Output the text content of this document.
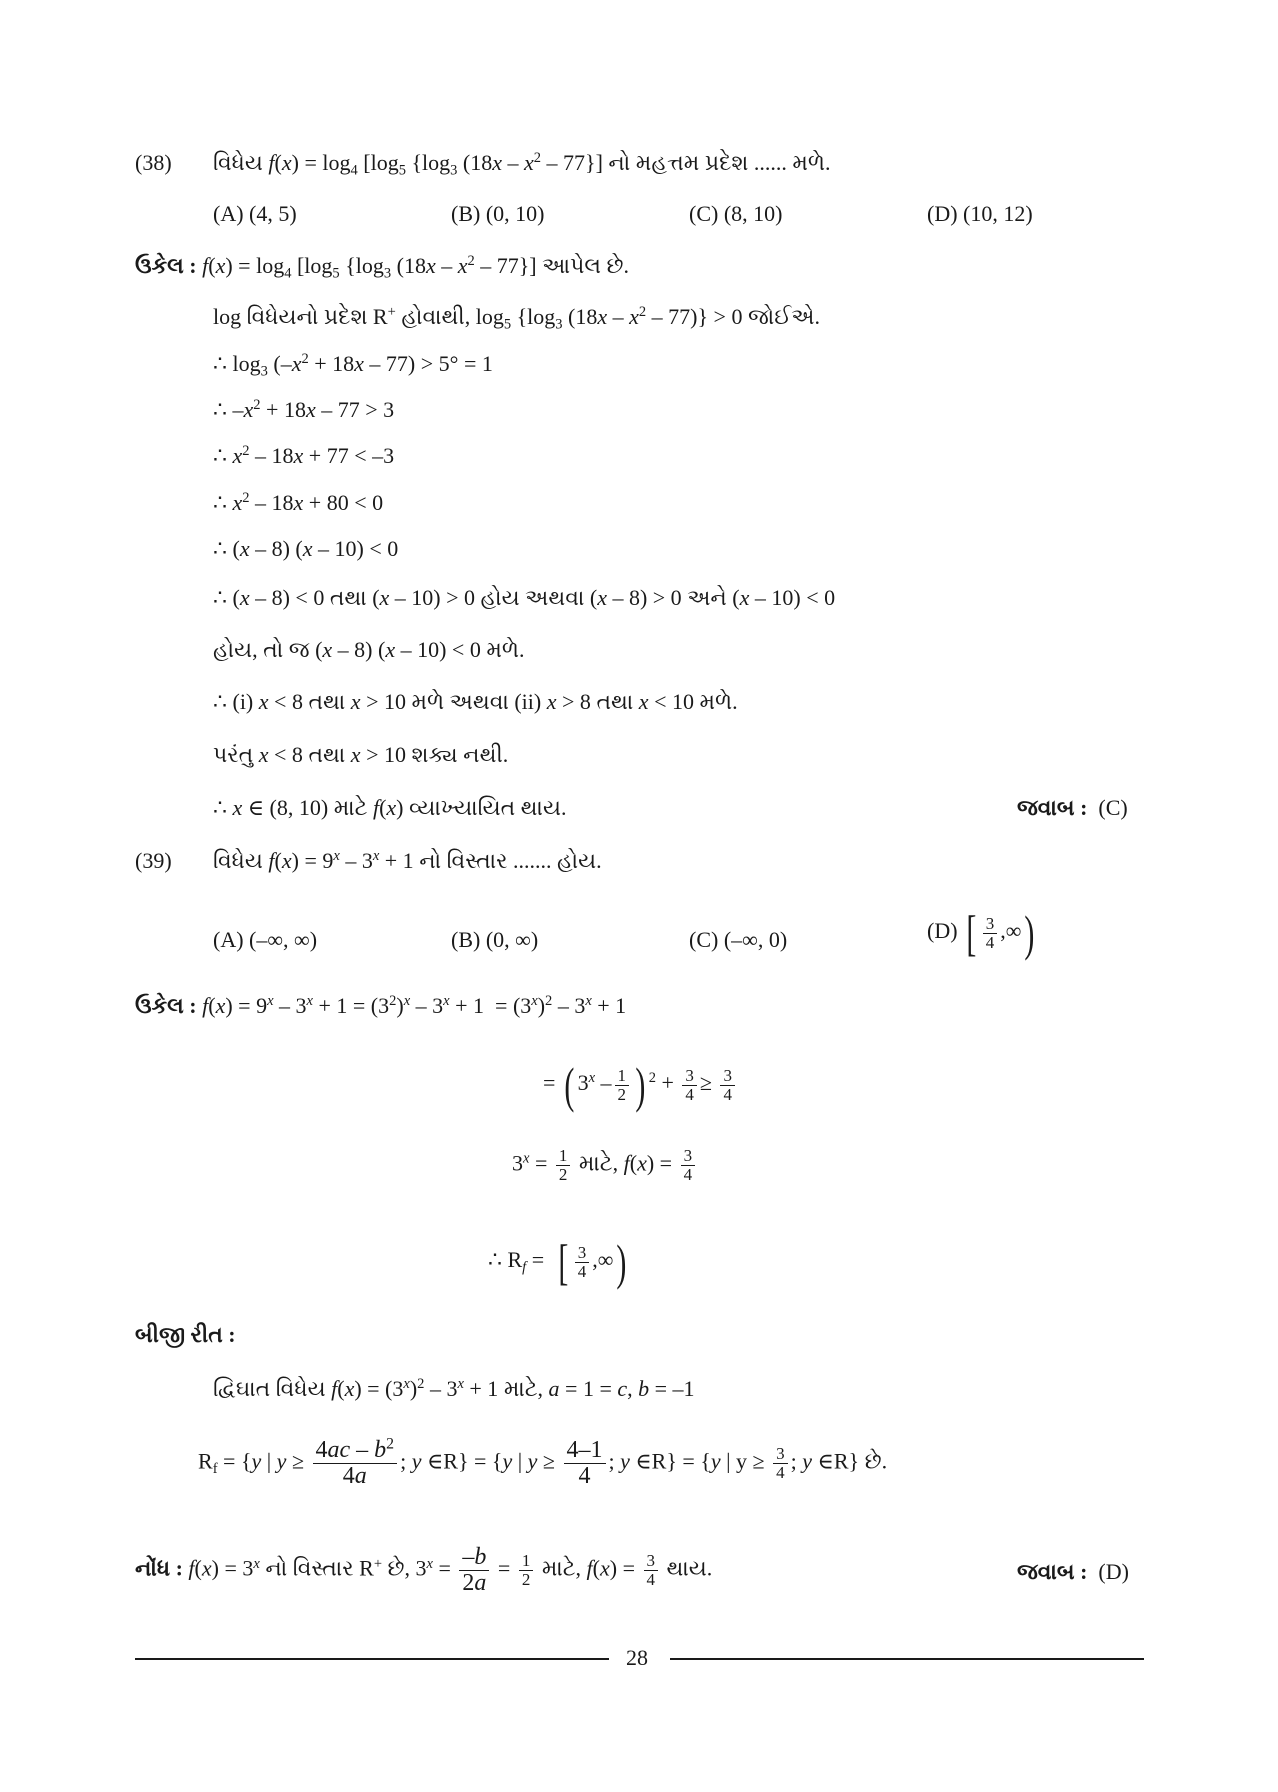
(38) વિધેય $f(x) = \log_4 [\log_5$ {$\log_3$ $(18x - x^2 - 77\}$] નો મહત્તમ પ્રદેશ ...... મળે.
(A) (4, 5)	(B) (0, 10)	(C) (8, 10)	(D) (10, 12)
ઉકેલ : $f(x) = \log_4 [\log_5$ {$\log_3$ $(18x - x^2 - 77\}$] આપેલ છે.
log વિધેયનો પ્રદેશ R+ હોવાથી, $\log_5 \{\log_3$ $(18x - x^2 - 77)\} > 0$ જોઈએ.
∴ $\log_3 (-x^2 + 18x - 77) > 5^\circ = 1$
∴ $-x^2 + 18x - 77 > 3$
∴ $x^2 - 18x + 77 < -3$
∴ $x^2 - 18x + 80 < 0$
∴ (x – 8) (x – 10) < 0
∴ (x – 8) < 0 તથા (x – 10) > 0 હોય અથવા (x – 8) > 0 અને (x – 10) < 0
હોય, તો જ (x – 8) (x – 10) < 0 મળે.
∴ (i) x < 8 તથા x > 10 મળે અથવા (ii) x > 8 તથા x < 10 મળે.
પરંતુ x < 8 તથા x > 10 શક્ય નથી.
∴ x ∈ (8, 10) માટે f(x) વ્યાખ્યાયિત થાય.	જવાબ : (C)
(39) વિધેય $f(x) = 9^x - 3^x + 1$ નો વિસ્તાર ....... હોય.
(A) (–∞, ∞)	(B) (0, ∞)	(C) (–∞, 0)	(D) [ $\frac{3}{4}$ ,∞)
ઉકેલ : $f(x) = 9^x - 3^x + 1 = (3^2)^x - 3^x + 1 = (3^x)^2 - 3^x + 1$
= ( $3^x - \frac{1}{2}$ ) $^2 + \frac{3}{4} \ge \frac{3}{4}$
$3^x = \frac{1}{2}$ માટે, $f(x) = \frac{3}{4}$
∴ $R_f$ =  [ $\frac{3}{4}$ ,∞)
બીજી રીત :
દ્વિઘાત વિધેય $f(x) = (3^x)^2 - 3^x + 1$ માટે, a = 1 = c, b = –1
$R_f = \{y$ | $y \ge \frac{4ac - b^2}{4a}$ ; y ∈R} = {y | $y \ge \frac{4-1}{4}$ ; y ∈R} = {y | $y \ge \frac{3}{4}$ ; y ∈R} છે.
નોંધ : $f(x) = 3^x$ નો વિસ્તાર R+ છે, $3^x = \frac{-b}{2a} = \frac{1}{2}$ માટે, $f(x) = \frac{3}{4}$ થાય.	જવાબ : (D)
28
